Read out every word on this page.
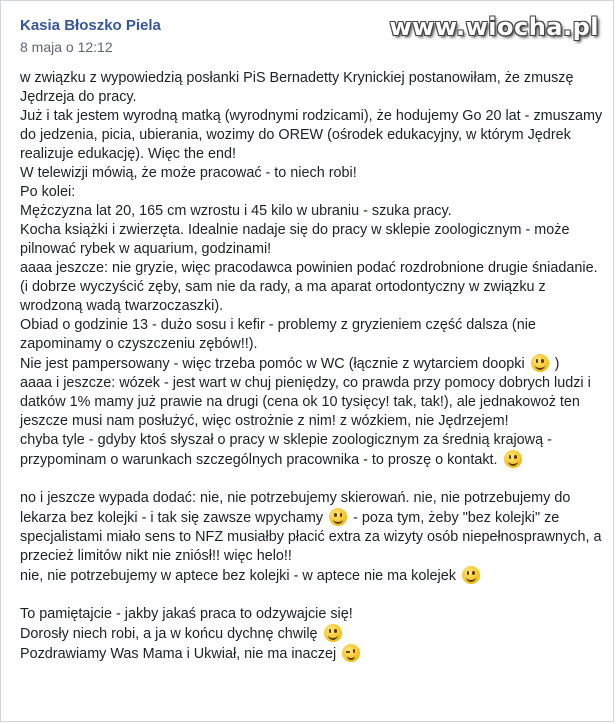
Kasia Błoszko Piela
8 maja o 12:12
www.wiocha.pl
w związku z wypowiedzią posłanki PiS Bernadetty Krynickiej postanowiłam, że zmuszę Jędrzeja do pracy.
Już i tak jestem wyrodną matką (wyrodnymi rodzicami), że hodujemy Go 20 lat - zmuszamy do jedzenia, picia, ubierania, wozimy do OREW (ośrodek edukacyjny, w którym Jędrek realizuje edukację). Więc the end!
W telewizji mówią, że może pracować - to niech robi!
Po kolei:
Mężczyzna lat 20, 165 cm wzrostu i 45 kilo w ubraniu - szuka pracy.
Kocha książki i zwierzęta. Idealnie nadaje się do pracy w sklepie zoologicznym - może pilnować rybek w aquarium, godzinami!
aaaa jeszcze: nie gryzie, więc pracodawca powinien podać rozdrobnione drugie śniadanie. (i dobrze wyczyścić zęby, sam nie da rady, a ma aparat ortodontyczny w związku z wrodzoną wadą twarzoczaszki).
Obiad o godzinie 13 - dużo sosu i kefir - problemy z gryzieniem część dalsza (nie zapominamy o czyszczeniu zębów!!).
Nie jest pampersowany - więc trzeba pomóc w WC (łącznie z wytarciem doopki
)
aaaa i jeszcze: wózek - jest wart w chuj pieniędzy, co prawda przy pomocy dobrych ludzi i datków 1% mamy już prawie na drugi (cena ok 10 tysięcy! tak, tak!), ale jednakowoż ten jeszcze musi nam posłużyć, więc ostrożnie z nim! z wózkiem, nie Jędrzejem!
chyba tyle - gdyby ktoś słyszał o pracy w sklepie zoologicznym za średnią krajową - przypominam o warunkach szczególnych pracownika - to proszę o kontakt.
no i jeszcze wypada dodać: nie, nie potrzebujemy skierowań. nie, nie potrzebujemy do lekarza bez kolejki - i tak się zawsze wpychamy
- poza tym, żeby "bez kolejki" ze specjalistami miało sens to NFZ musiałby płacić extra za wizyty osób niepełnosprawnych, a przecież limitów nikt nie zniósł!! więc helo!!
nie, nie potrzebujemy w aptece bez kolejki - w aptece nie ma kolejek
To pamiętajcie - jakby jakaś praca to odzywajcie się!
Dorosły niech robi, a ja w końcu dychnę chwilę
Pozdrawiamy Was Mama i Ukwiał, nie ma inaczej
